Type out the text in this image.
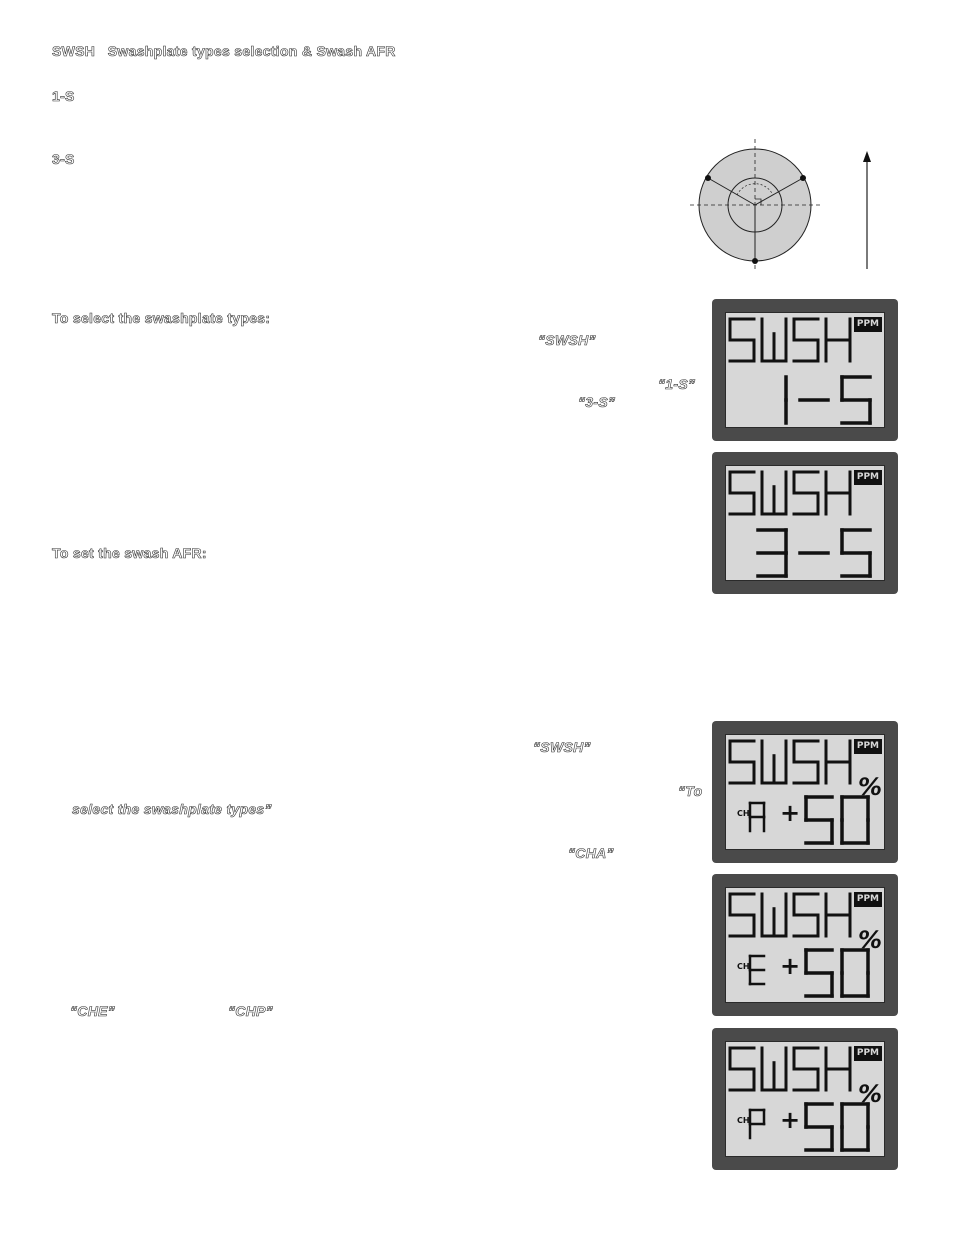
SWSH Swashplate types selection & Swash AFR
1-S
3-S
To select the swashplate types:
“SWSH”
“1-S”
“3-S”
To set the swash AFR:
“SWSH”
“To
select the swashplate types”
“CHA”
“CHE”	“CHP”
PPM
PPM
PPM
%
CH +
PPM
%
CH +
PPM
%
CH +
